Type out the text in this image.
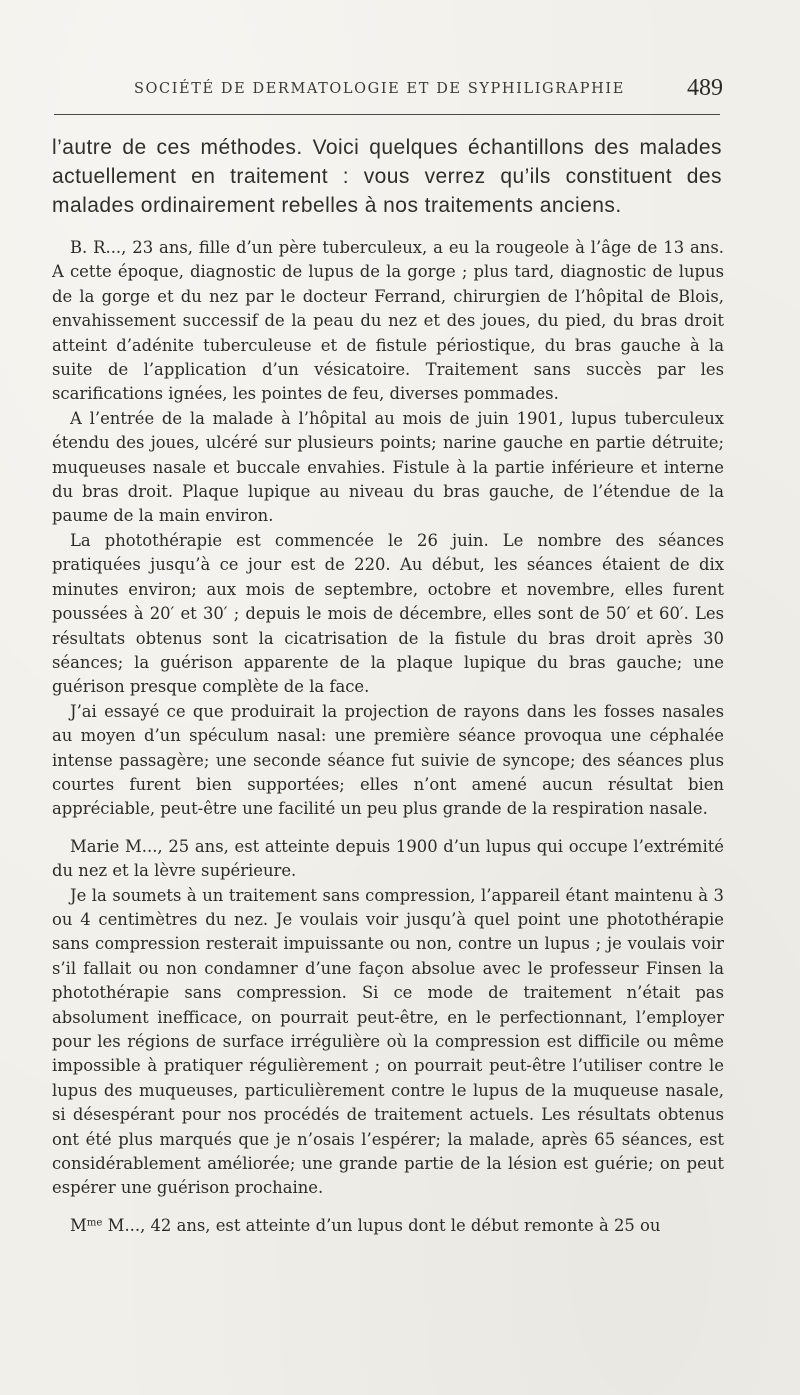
SOCIÉTÉ DE DERMATOLOGIE ET DE SYPHILIGRAPHIE	489
l’autre de ces méthodes. Voici quelques échantillons des malades actuellement en traitement : vous verrez qu’ils constituent des malades ordinairement rebelles à nos traitements anciens.

B. R..., 23 ans, fille d’un père tuberculeux, a eu la rougeole à l’âge de 13 ans. A cette époque, diagnostic de lupus de la gorge ; plus tard, diagnostic de lupus de la gorge et du nez par le docteur Ferrand, chirurgien de l’hôpital de Blois, envahissement successif de la peau du nez et des joues, du pied, du bras droit atteint d’adénite tuberculeuse et de fistule périostique, du bras gauche à la suite de l’application d’un vésicatoire. Traitement sans succès par les scarifications ignées, les pointes de feu, diverses pommades.

A l’entrée de la malade à l’hôpital au mois de juin 1901, lupus tuberculeux étendu des joues, ulcéré sur plusieurs points; narine gauche en partie détruite; muqueuses nasale et buccale envahies. Fistule à la partie inférieure et interne du bras droit. Plaque lupique au niveau du bras gauche, de l’étendue de la paume de la main environ.

La photothérapie est commencée le 26 juin. Le nombre des séances pratiquées jusqu’à ce jour est de 220. Au début, les séances étaient de dix minutes environ; aux mois de septembre, octobre et novembre, elles furent poussées à 20′ et 30′ ; depuis le mois de décembre, elles sont de 50′ et 60′. Les résultats obtenus sont la cicatrisation de la fistule du bras droit après 30 séances; la guérison apparente de la plaque lupique du bras gauche; une guérison presque complète de la face.

J’ai essayé ce que produirait la projection de rayons dans les fosses nasales au moyen d’un spéculum nasal: une première séance provoqua une céphalée intense passagère; une seconde séance fut suivie de syncope; des séances plus courtes furent bien supportées; elles n’ont amené aucun résultat bien appréciable, peut-être une facilité un peu plus grande de la respiration nasale.

Marie M..., 25 ans, est atteinte depuis 1900 d’un lupus qui occupe l’extrémité du nez et la lèvre supérieure.

Je la soumets à un traitement sans compression, l’appareil étant maintenu à 3 ou 4 centimètres du nez. Je voulais voir jusqu’à quel point une photothérapie sans compression resterait impuissante ou non, contre un lupus ; je voulais voir s’il fallait ou non condamner d’une façon absolue avec le professeur Finsen la photothérapie sans compression. Si ce mode de traitement n’était pas absolument inefficace, on pourrait peut-être, en le perfectionnant, l’employer pour les régions de surface irrégulière où la compression est difficile ou même impossible à pratiquer régulièrement ; on pourrait peut-être l’utiliser contre le lupus des muqueuses, particulièrement contre le lupus de la muqueuse nasale, si désespérant pour nos procédés de traitement actuels. Les résultats obtenus ont été plus marqués que je n’osais l’espérer; la malade, après 65 séances, est considérablement améliorée; une grande partie de la lésion est guérie; on peut espérer une guérison prochaine.

$M^{me}$ M..., 42 ans, est atteinte d’un lupus dont le début remonte à 25 ou
